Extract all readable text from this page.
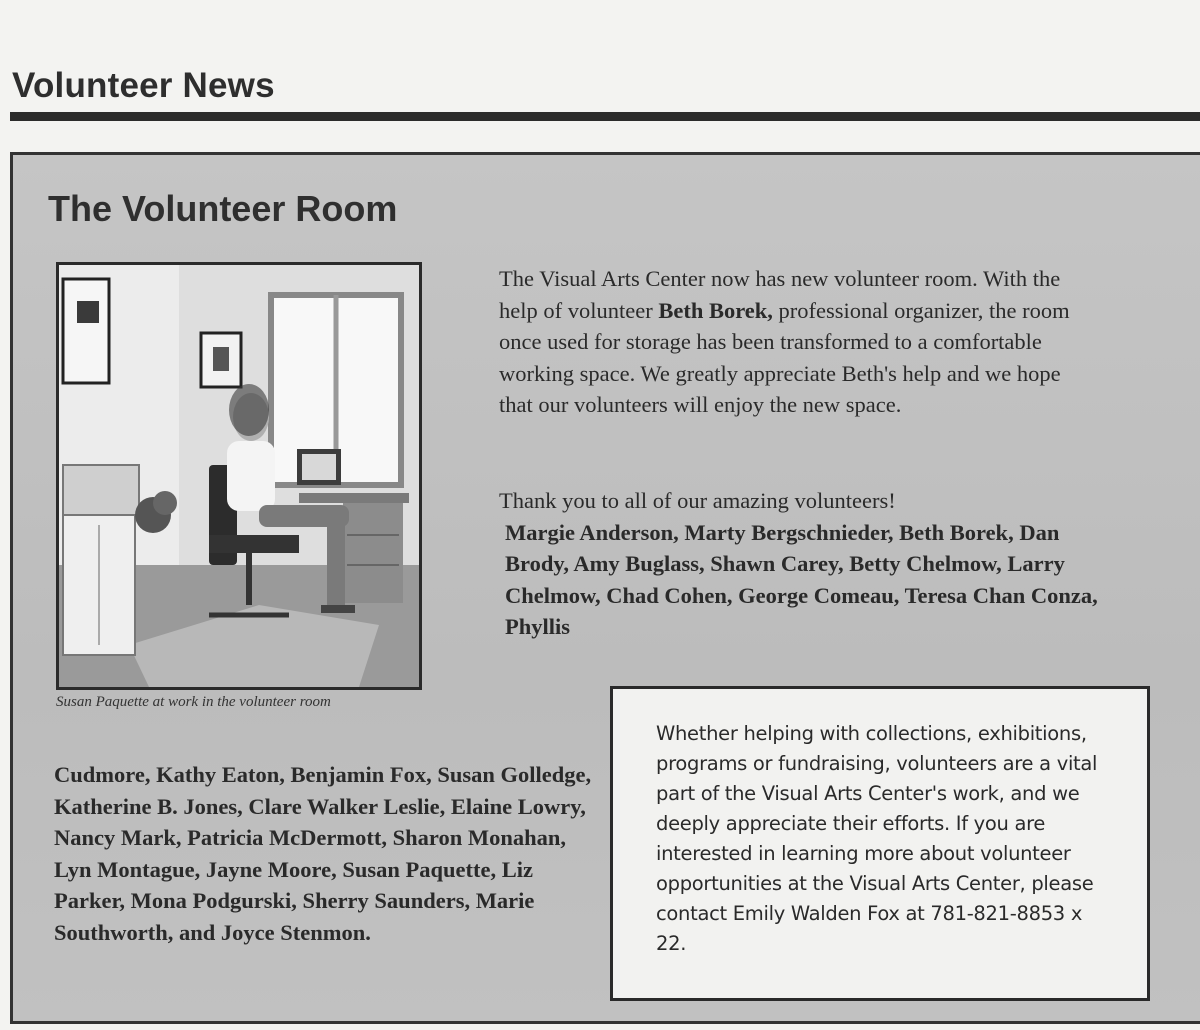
Volunteer News
The Volunteer Room
Susan Paquette at work in the volunteer room
The Visual Arts Center now has new volunteer room. With the help of volunteer Beth Borek, professional organizer, the room once used for storage has been transformed to a comfortable working space. We greatly appreciate Beth's help and we hope that our volunteers will enjoy the new space.
Thank you to all of our amazing volunteers!
Margie Anderson, Marty Bergschnieder, Beth Borek, Dan Brody, Amy Buglass, Shawn Carey, Betty Chelmow, Larry Chelmow, Chad Cohen, George Comeau, Teresa Chan Conza, Phyllis
Cudmore, Kathy Eaton, Benjamin Fox, Susan Golledge, Katherine B. Jones, Clare Walker Leslie, Elaine Lowry, Nancy Mark, Patricia McDermott, Sharon Monahan, Lyn Montague, Jayne Moore, Susan Paquette, Liz Parker, Mona Podgurski, Sherry Saunders, Marie Southworth, and Joyce Stenmon.
Whether helping with collections, exhibitions, programs or fundraising, volunteers are a vital part of the Visual Arts Center's work, and we deeply appreciate their efforts. If you are interested in learning more about volunteer opportunities at the Visual Arts Center, please contact Emily Walden Fox at 781-821-8853 x 22.
